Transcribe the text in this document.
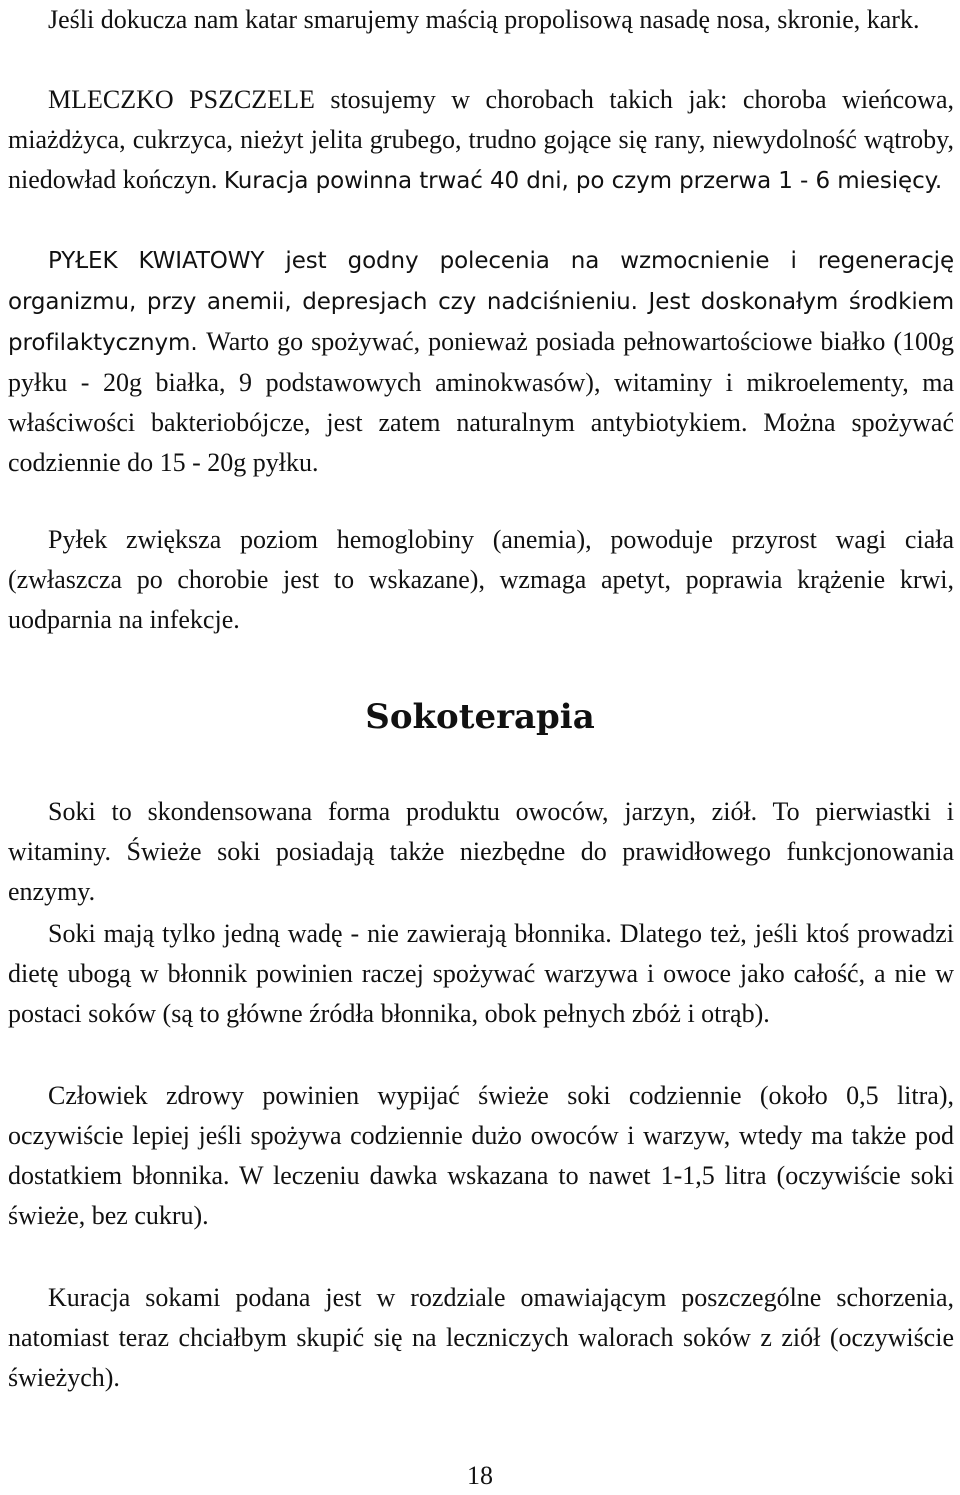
Jeśli dokucza nam katar smarujemy maścią propolisową nasadę nosa, skronie, kark.

MLECZKO PSZCZELE stosujemy w chorobach takich jak: choroba wieńcowa, miażdżyca, cukrzyca, nieżyt jelita grubego, trudno gojące się rany, niewydolność wątroby, niedowład kończyn. Kuracja powinna trwać 40 dni, po czym przerwa 1 - 6 miesięcy.

PYŁEK KWIATOWY jest godny polecenia na wzmocnienie i regenerację organizmu, przy anemii, depresjach czy nadciśnieniu. Jest doskonałym środkiem profilaktycznym. Warto go spożywać, ponieważ posiada pełnowartościowe białko (100g pyłku - 20g białka, 9 podstawowych aminokwasów), witaminy i mikroelementy, ma właściwości bakteriobójcze, jest zatem naturalnym antybiotykiem. Można spożywać codziennie do 15 - 20g pyłku.

Pyłek zwiększa poziom hemoglobiny (anemia), powoduje przyrost wagi ciała (zwłaszcza po chorobie jest to wskazane), wzmaga apetyt, poprawia krążenie krwi, uodparnia na infekcje.

Sokoterapia

Soki to skondensowana forma produktu owoców, jarzyn, ziół. To pierwiastki i witaminy. Świeże soki posiadają także niezbędne do prawidłowego funkcjonowania enzymy.

Soki mają tylko jedną wadę - nie zawierają błonnika. Dlatego też, jeśli ktoś prowadzi dietę ubogą w błonnik powinien raczej spożywać warzywa i owoce jako całość, a nie w postaci soków (są to główne źródła błonnika, obok pełnych zbóż i otrąb).

Człowiek zdrowy powinien wypijać świeże soki codziennie (około 0,5 litra), oczywiście lepiej jeśli spożywa codziennie dużo owoców i warzyw, wtedy ma także pod dostatkiem błonnika. W leczeniu dawka wskazana to nawet 1-1,5 litra (oczywiście soki świeże, bez cukru).

Kuracja sokami podana jest w rozdziale omawiającym poszczególne schorzenia, natomiast teraz chciałbym skupić się na leczniczych walorach soków z ziół (oczywiście świeżych).

18
